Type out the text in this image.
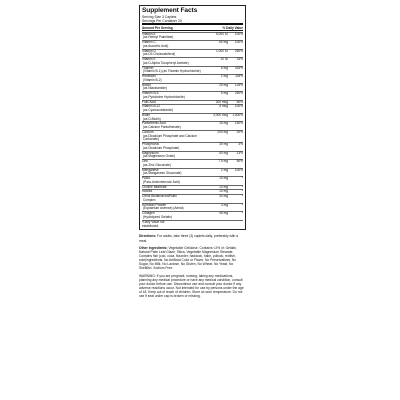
Supplement Facts
Serving Size 3 Caplets
Servings Per Container 20
Amount Per Serving	% Daily Value
Vitamin A
(as Retinyl Palmitate)
5,000 IU	100%
Vitamin C
(as Ascorbic Acid)
60 mg	100%
Vitamin D
(as D3 Cholecalciferol)
1,000 IU	250%
Vitamin E
(as D-Alpha Tocopheryl Acetate)
10 IU	33%
Thiamin
(Vitamin B-1) (as Thiamin Hydrochloride)
5 mg	333%
Riboflavin
(Vitamin B-2)
2 mg	118%
Niacin
(as Niacinamide)
25 mg	125%
Vitamin B-6
(as Pyridoxine Hydrochloride)
5 mg	250%
Folic Acid	200 mcg	50%
Vitamin B-12
(as Cyanocobalamin)
6 mcg	100%
Biotin
(as D-Biotin)
3,000 mcg	1,000%
Pantothenic Acid
(as Calcium Pantothenate)
15 mg	150%
Calcium
(as Dicalcium Phosphate and Calcium Carbonate)
200 mg	20%
Phosphorus
(as Dicalcium Phosphate)
30 mg	3%
Magnesium
(as Magnesium Oxide)
50 mg	13%
Zinc
(as Zinc Gluconate)
7.5 mg	50%
Manganese
(as Manganese Gluconate)
2 mg	100%
PABA
(Para-Aminobenzoic Acid)
10 mg	*
Choline Bitartrate	10 mg	*
Inositol	10 mg	*
Citrus Bioflavonoid/Rutin
Complex
30 mg	*
Horsetail Powder
(Equisetum arvense) (Aerial)
3 mg	*
Collagen
(Hydrolyzed Gelatin)
45 mg	*
*Daily Value not
established.

Directions: For adults, take three (3) caplets daily, preferably with a meal.

Other Ingredients: Vegetable Cellulose. Contains <2% of: Gelatin, Natural Palm Leaf Glaze, Silica, Vegetable Magnesium Stearate. Contains fish (cod, coca, flounder, haddock, hake, pollock, redfish, sole)ingredients. No Artificial Color or Flavor. No Preservatives, No Sugar, No Milk, No Lactose, No Gluten, No Wheat, No Yeast, No Shellfish. Sodium Free.

WARNING: If you are pregnant, nursing, taking any medications, planning any medical procedure or have any medical condition, consult your doctor before use. Discontinue use and consult your doctor if any adverse reactions occur. Not intended for use by persons under the age of 18. Keep out of reach of children. Store at room temperature. Do not use if seal under cap is broken or missing.
